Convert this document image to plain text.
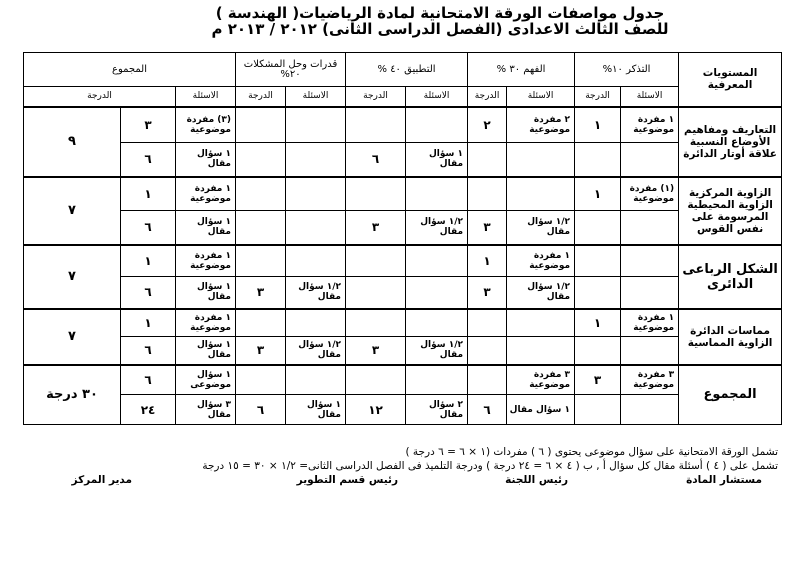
جدول مواصفات الورقة الامتحانية لمادة الرياضيات( الهندسة )
للصف الثالث الاعدادى (الفصل الدراسى الثانى) ٢٠١٢ / ٢٠١٣ م
المستويات المعرفية	التذكر ١٠%		الفهم ٣٠ %		التطبيق ٤٠ %		قدرات وحل المشكلات ٢٠%		المجموع		
	الاسئلة	الدرجة	الاسئلة	الدرجة	الاسئلة	الدرجة	الاسئلة	الدرجة	الاسئلة	الدرجة	
التعاريف ومفاهيم الأوضاع النسبية علاقة أوتار الدائرة	١ مفردة موضوعية	١	٢ مفردة موضوعية	٢					(٣) مفردة موضوعية	٣	٩
					١ سؤال مقال	٦			١ سؤال مقال	٦	
الزاوية المركزية الزاوية المحيطية المرسومة على نفس القوس	(١) مفردة موضوعية	١							١ مفردة موضوعية	١	٧
			١/٢ سؤال مقال	٣	١/٢ سؤال مقال	٣			١ سؤال مقال	٦	
الشكل الرباعى الدائرى			١ مفردة موضوعية	١					١ مفردة موضوعية	١	٧
			١/٢ سؤال مقال	٣			١/٢ سؤال مقال	٣	١ سؤال مقال	٦	
مماسات الدائرة الزاوية المماسية	١ مفردة موضوعية	١							١ مفردة موضوعية	١	٧
					١/٢ سؤال مقال	٣	١/٢ سؤال مقال	٣	١ سؤال مقال	٦	
المجموع	٣ مفردة موضوعية	٣	٣ مفردة موضوعية						١ سؤال موضوعى	٦	٣٠ درجة
			١ سؤال مقال	٦	٢ سؤال مقال	١٢	١ سؤال مقال	٦	٣ سؤال مقال	٢٤	
تشمل الورقة الامتحانية على سؤال موضوعى يحتوى ( ٦ ) مفردات (١ × ٦ = ٦ درجة )
تشمل على ( ٤ ) أسئلة مقال كل سؤال أ , ب ( ٤ × ٦ = ٢٤ درجة ) ودرجة التلميذ فى الفصل الدراسى الثانى= ١/٢ × ٣٠ = ١٥ درجة
مستشار المادة
رئيس اللجنة
رئيس قسم التطوير
مدير المركز
